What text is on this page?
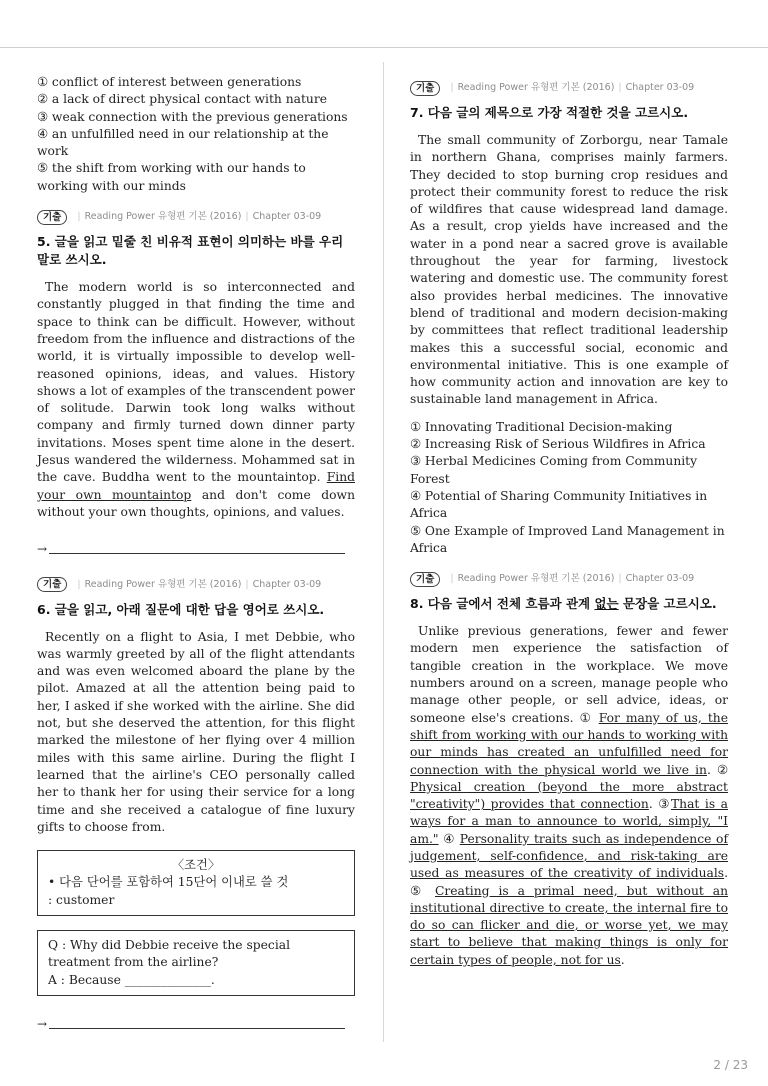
① conflict of interest between generations

② a lack of direct physical contact with nature

③ weak connection with the previous generations

④ an unfulfilled need in our relationship at the work

⑤ the shift from working with our hands to working with our minds

기출	| Reading Power 유형편 기본 (2016) | Chapter 03-09
5. 글을 읽고 밑줄 친 비유적 표현이 의미하는 바를 우리말로 쓰시오.

The modern world is so interconnected and constantly plugged in that finding the time and space to think can be difficult. However, without freedom from the influence and distractions of the world, it is virtually impossible to develop well-reasoned opinions, ideas, and values. History shows a lot of examples of the transcendent power of solitude. Darwin took long walks without company and firmly turned down dinner party invitations. Moses spent time alone in the desert. Jesus wandered the wilderness. Mohammed sat in the cave. Buddha went to the mountaintop. Find your own mountaintop and don't come down without your own thoughts, opinions, and values.

→
기출	| Reading Power 유형편 기본 (2016) | Chapter 03-09
6. 글을 읽고, 아래 질문에 대한 답을 영어로 쓰시오.

Recently on a flight to Asia, I met Debbie, who was warmly greeted by all of the flight attendants and was even welcomed aboard the plane by the pilot. Amazed at all the attention being paid to her, I asked if she worked with the airline. She did not, but she deserved the attention, for this flight marked the milestone of her flying over 4 million miles with this same airline. During the flight I learned that the airline's CEO personally called her to thank her for using their service for a long time and she received a catalogue of fine luxury gifts to choose from.

〈조건〉
• 다음 단어를 포함하여 15단어 이내로 쓸 것
: customer
Q : Why did Debbie receive the special treatment from the airline?
A : Because ______________.
→
기출	| Reading Power 유형편 기본 (2016) | Chapter 03-09
7. 다음 글의 제목으로 가장 적절한 것을 고르시오.

The small community of Zorborgu, near Tamale in northern Ghana, comprises mainly farmers. They decided to stop burning crop residues and protect their community forest to reduce the risk of wildfires that cause widespread land damage. As a result, crop yields have increased and the water in a pond near a sacred grove is available throughout the year for farming, livestock watering and domestic use. The community forest also provides herbal medicines. The innovative blend of traditional and modern decision-making by committees that reflect traditional leadership makes this a successful social, economic and environmental initiative. This is one example of how community action and innovation are key to sustainable land management in Africa.

① Innovating Traditional Decision-making

② Increasing Risk of Serious Wildfires in Africa

③ Herbal Medicines Coming from Community Forest

④ Potential of Sharing Community Initiatives in Africa

⑤ One Example of Improved Land Management in Africa

기출	| Reading Power 유형편 기본 (2016) | Chapter 03-09
8. 다음 글에서 전체 흐름과 관계 없는 문장을 고르시오.

Unlike previous generations, fewer and fewer modern men experience the satisfaction of tangible creation in the workplace. We move numbers around on a screen, manage people who manage other people, or sell advice, ideas, or someone else's creations. ① For many of us, the shift from working with our hands to working with our minds has created an unfulfilled need for connection with the physical world we live in. ② Physical creation (beyond the more abstract "creativity") provides that connection. ③That is a ways for a man to announce to world, simply, "I am." ④ Personality traits such as independence of judgement, self-confidence, and risk-taking are used as measures of the creativity of individuals. ⑤ Creating is a primal need, but without an institutional directive to create, the internal fire to do so can flicker and die, or worse yet, we may start to believe that making things is only for certain types of people, not for us.

2 / 23
